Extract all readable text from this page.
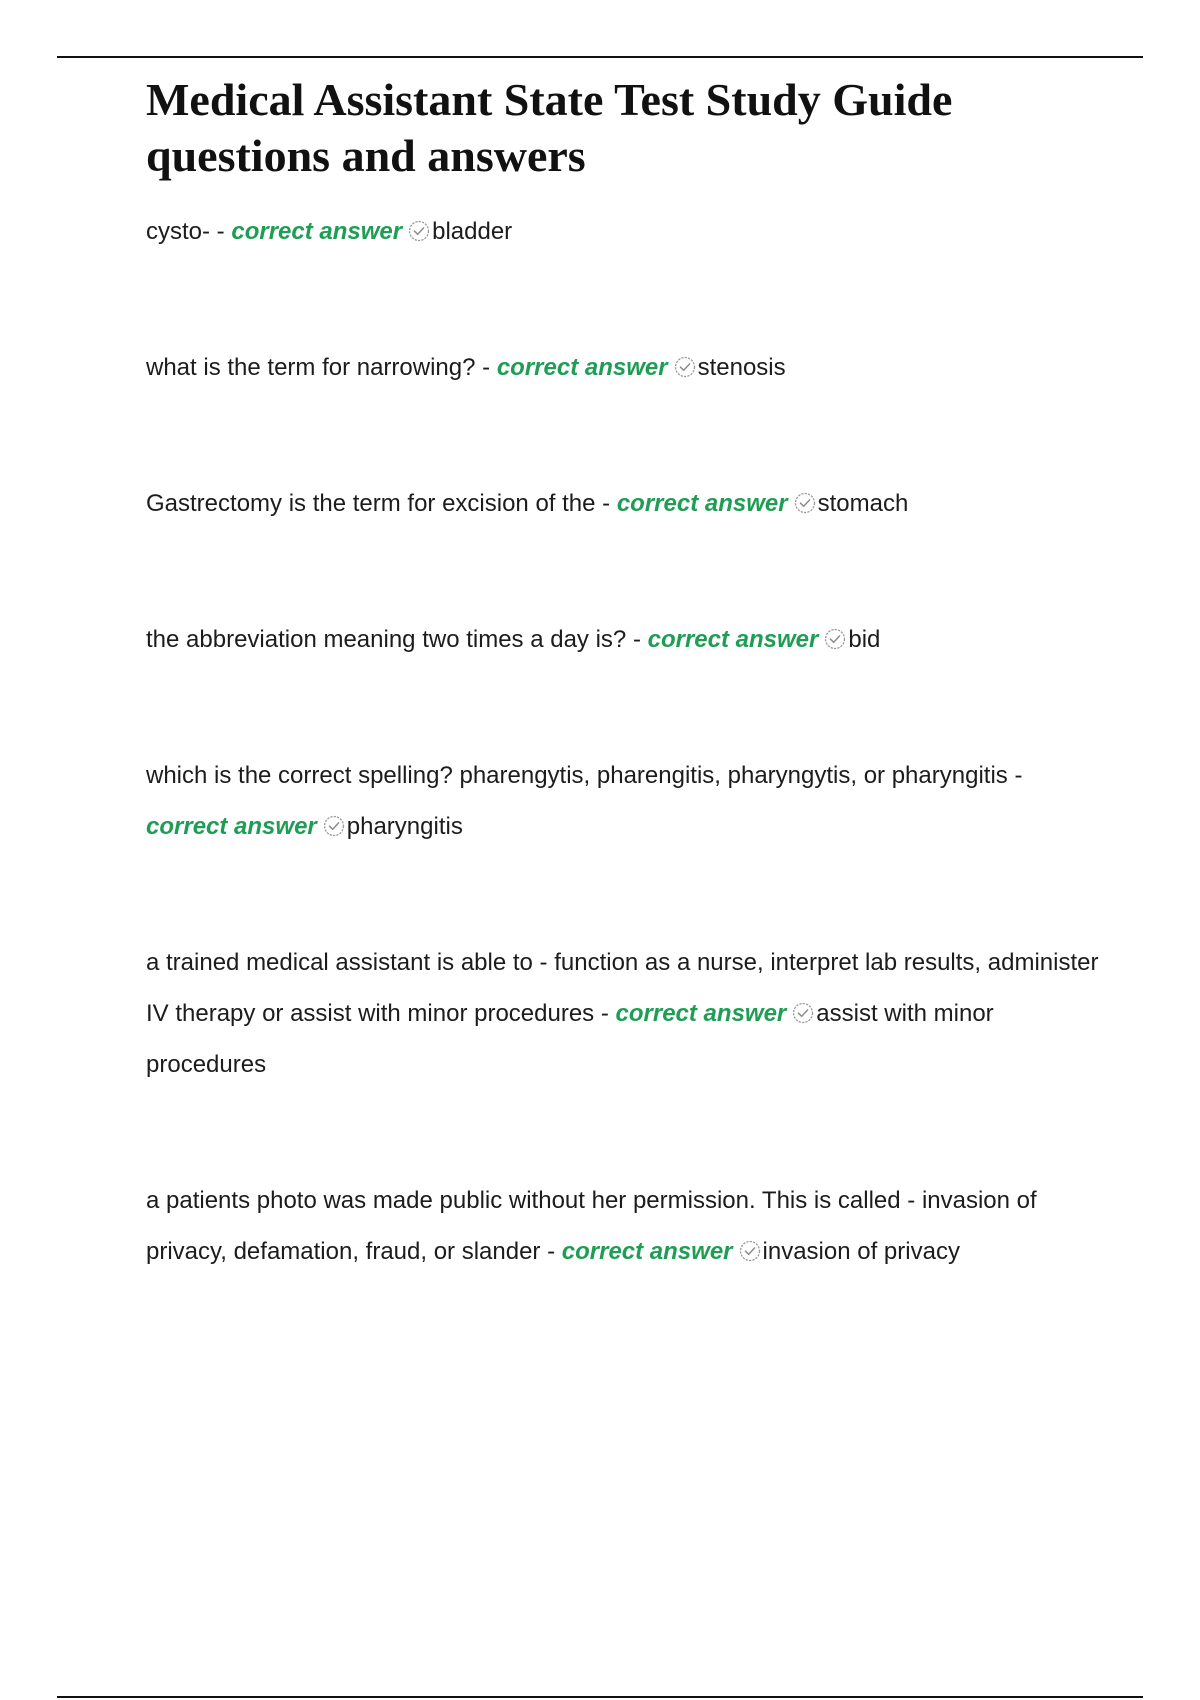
Medical Assistant State Test Study Guide questions and answers

cysto- - correct answer bladder

what is the term for narrowing? - correct answer stenosis

Gastrectomy is the term for excision of the - correct answer stomach

the abbreviation meaning two times a day is? - correct answer bid

which is the correct spelling? pharengytis, pharengitis, pharyngytis, or pharyngitis - correct answer pharyngitis

a trained medical assistant is able to - function as a nurse, interpret lab results, administer IV therapy or assist with minor procedures - correct answer assist with minor procedures

a patients photo was made public without her permission. This is called - invasion of privacy, defamation, fraud, or slander - correct answer invasion of privacy
